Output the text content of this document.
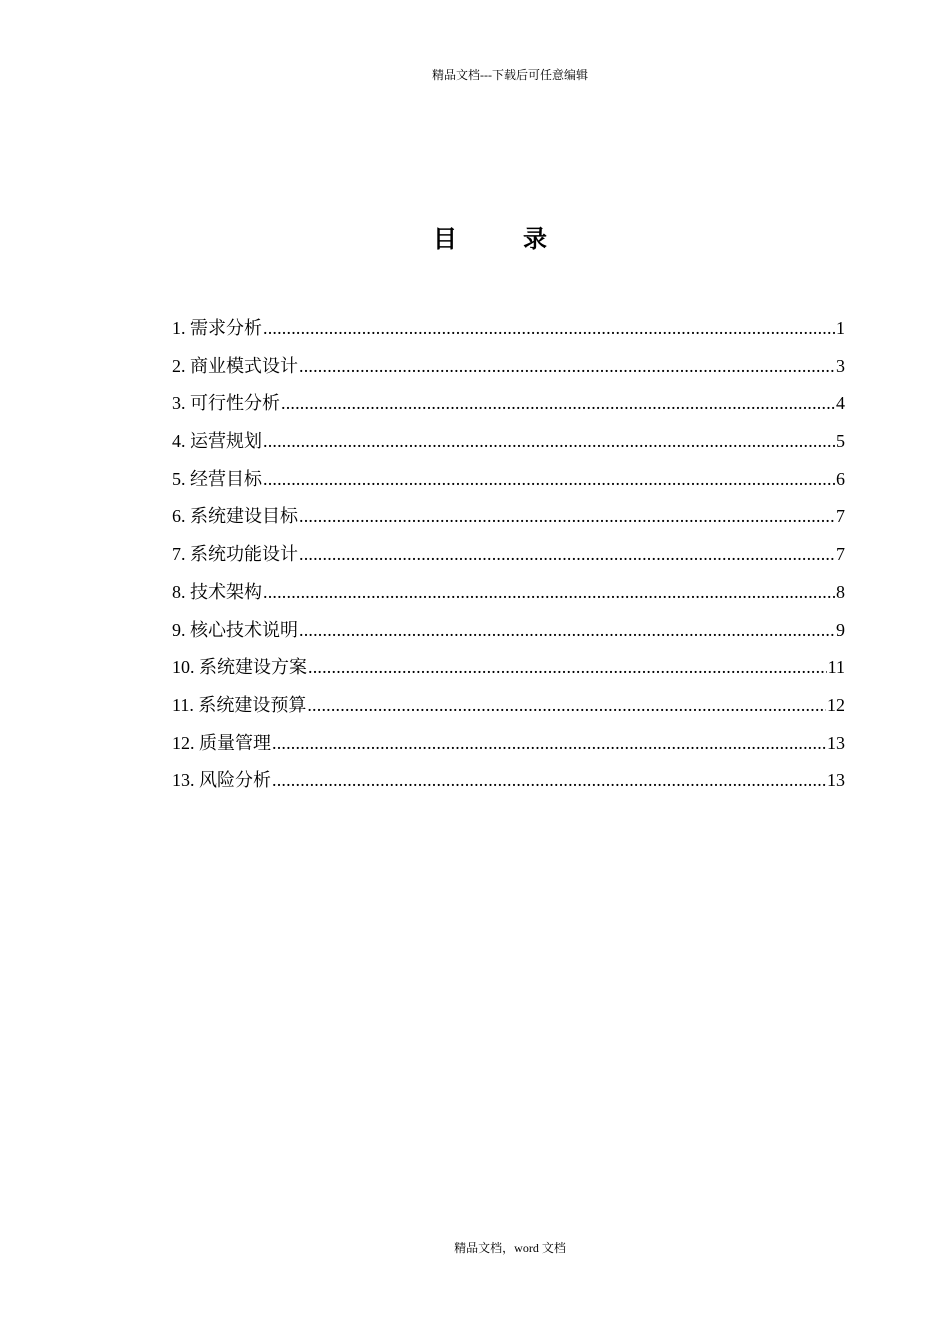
精品文档---下载后可任意编辑
目 录
1. 需求分析 .....	1
2. 商业模式设计 .....	3
3. 可行性分析 .....	4
4. 运营规划 .....	5
5. 经营目标 .....	6
6. 系统建设目标 .....	7
7. 系统功能设计 .....	7
8. 技术架构 .....	8
9. 核心技术说明 .....	9
10. 系统建设方案 .....	11
11. 系统建设预算 .....	12
12. 质量管理 .....	13
13. 风险分析 .....	13
精品文档，word 文档
